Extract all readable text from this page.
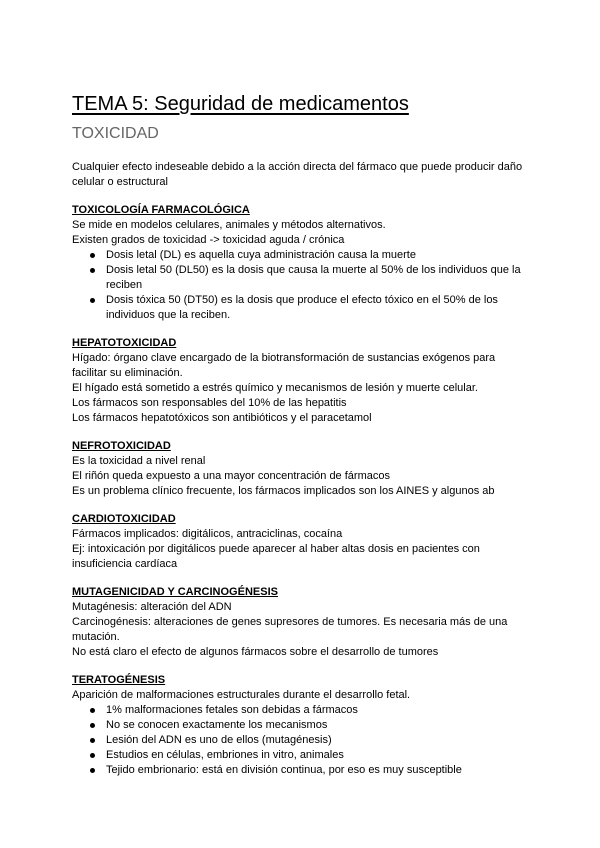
TEMA 5: Seguridad de medicamentos
TOXICIDAD

Cualquier efecto indeseable debido a la acción directa del fármaco que puede producir daño celular o estructural

TOXICOLOGÍA FARMACOLÓGICA

Se mide en modelos celulares, animales y métodos alternativos.

Existen grados de toxicidad -> toxicidad aguda / crónica

Dosis letal (DL) es aquella cuya administración causa la muerte
Dosis letal 50 (DL50) es la dosis que causa la muerte al 50% de los individuos que la reciben
Dosis tóxica 50 (DT50) es la dosis que produce el efecto tóxico en el 50% de los individuos que la reciben.

HEPATOTOXICIDAD

Hígado: órgano clave encargado de la biotransformación de sustancias exógenos para facilitar su eliminación.

El hígado está sometido a estrés químico y mecanismos de lesión y muerte celular.

Los fármacos son responsables del 10% de las hepatitis

Los fármacos hepatotóxicos son antibióticos y el paracetamol

NEFROTOXICIDAD

Es la toxicidad a nivel renal

El riñón queda expuesto a una mayor concentración de fármacos

Es un problema clínico frecuente, los fármacos implicados son los AINES y algunos ab

CARDIOTOXICIDAD

Fármacos implicados: digitálicos, antraciclinas, cocaína

Ej: intoxicación por digitálicos puede aparecer al haber altas dosis en pacientes con insuficiencia cardíaca

MUTAGENICIDAD Y CARCINOGÉNESIS

Mutagénesis: alteración del ADN

Carcinogénesis: alteraciones de genes supresores de tumores. Es necesaria más de una mutación.

No está claro el efecto de algunos fármacos sobre el desarrollo de tumores

TERATOGÉNESIS

Aparición de malformaciones estructurales durante el desarrollo fetal.

1% malformaciones fetales son debidas a fármacos
No se conocen exactamente los mecanismos
Lesión del ADN es uno de ellos (mutagénesis)
Estudios en células, embriones in vitro, animales
Tejido embrionario: está en división continua, por eso es muy susceptible
